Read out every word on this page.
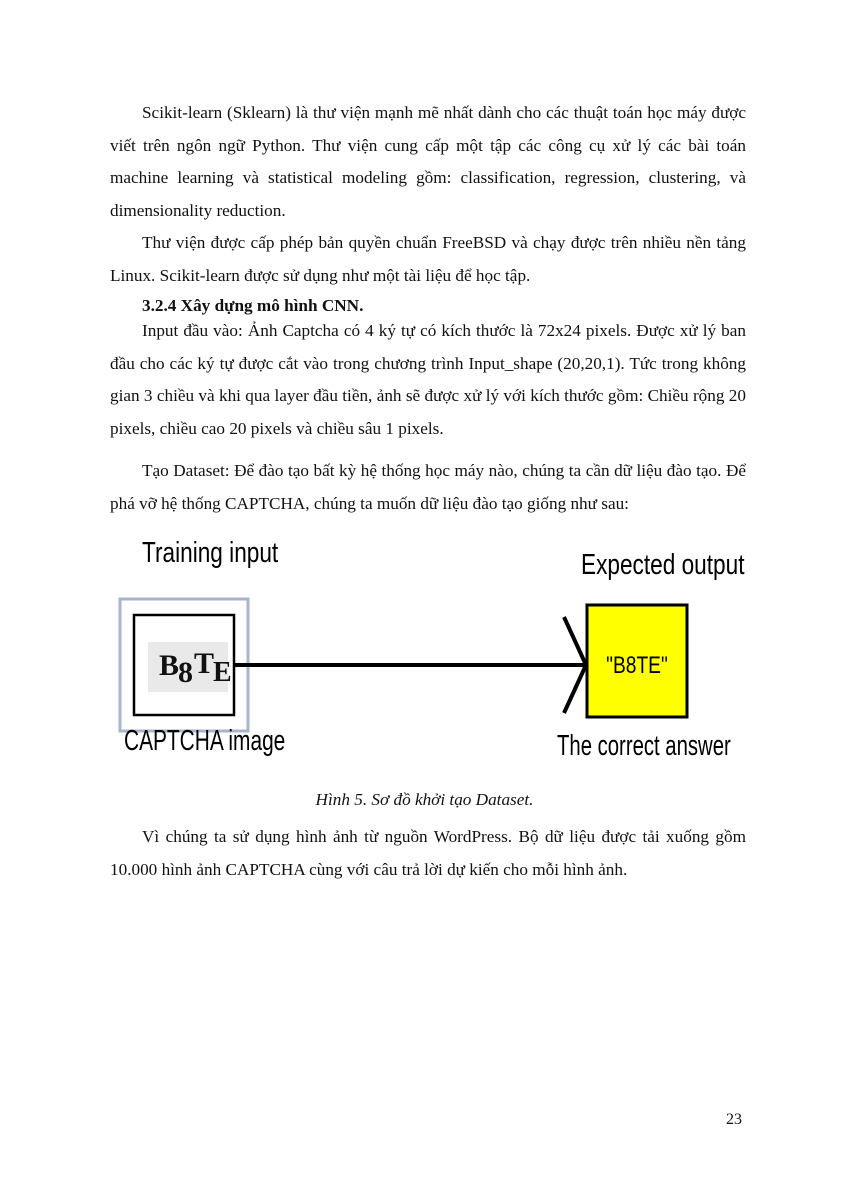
Scikit-learn (Sklearn) là thư viện mạnh mẽ nhất dành cho các thuật toán học máy được viết trên ngôn ngữ Python. Thư viện cung cấp một tập các công cụ xử lý các bài toán machine learning và statistical modeling gồm: classification, regression, clustering, và dimensionality reduction.

Thư viện được cấp phép bản quyền chuẩn FreeBSD và chạy được trên nhiều nền tảng Linux. Scikit-learn được sử dụng như một tài liệu để học tập.

3.2.4 Xây dựng mô hình CNN.

Input đầu vào: Ảnh Captcha có 4 ký tự có kích thước là 72x24 pixels. Được xử lý ban đầu cho các ký tự được cắt vào trong chương trình Input_shape (20,20,1). Tức trong không gian 3 chiều và khi qua layer đầu tiền, ảnh sẽ được xử lý với kích thước gồm: Chiều rộng 20 pixels, chiều cao 20 pixels và chiều sâu 1 pixels.

Tạo Dataset: Để đào tạo bất kỳ hệ thống học máy nào, chúng ta cần dữ liệu đào tạo. Để phá vỡ hệ thống CAPTCHA, chúng ta muốn dữ liệu đào tạo giống như sau:

Training input	Expected output

B
8 T
E	"B8TE"

CAPTCHA image	The correct answer

Hình 5. Sơ đồ khởi tạo Dataset.

Vì chúng ta sử dụng hình ảnh từ nguồn WordPress. Bộ dữ liệu được tải xuống gồm 10.000 hình ảnh CAPTCHA cùng với câu trả lời dự kiến cho mỗi hình ảnh.

23
